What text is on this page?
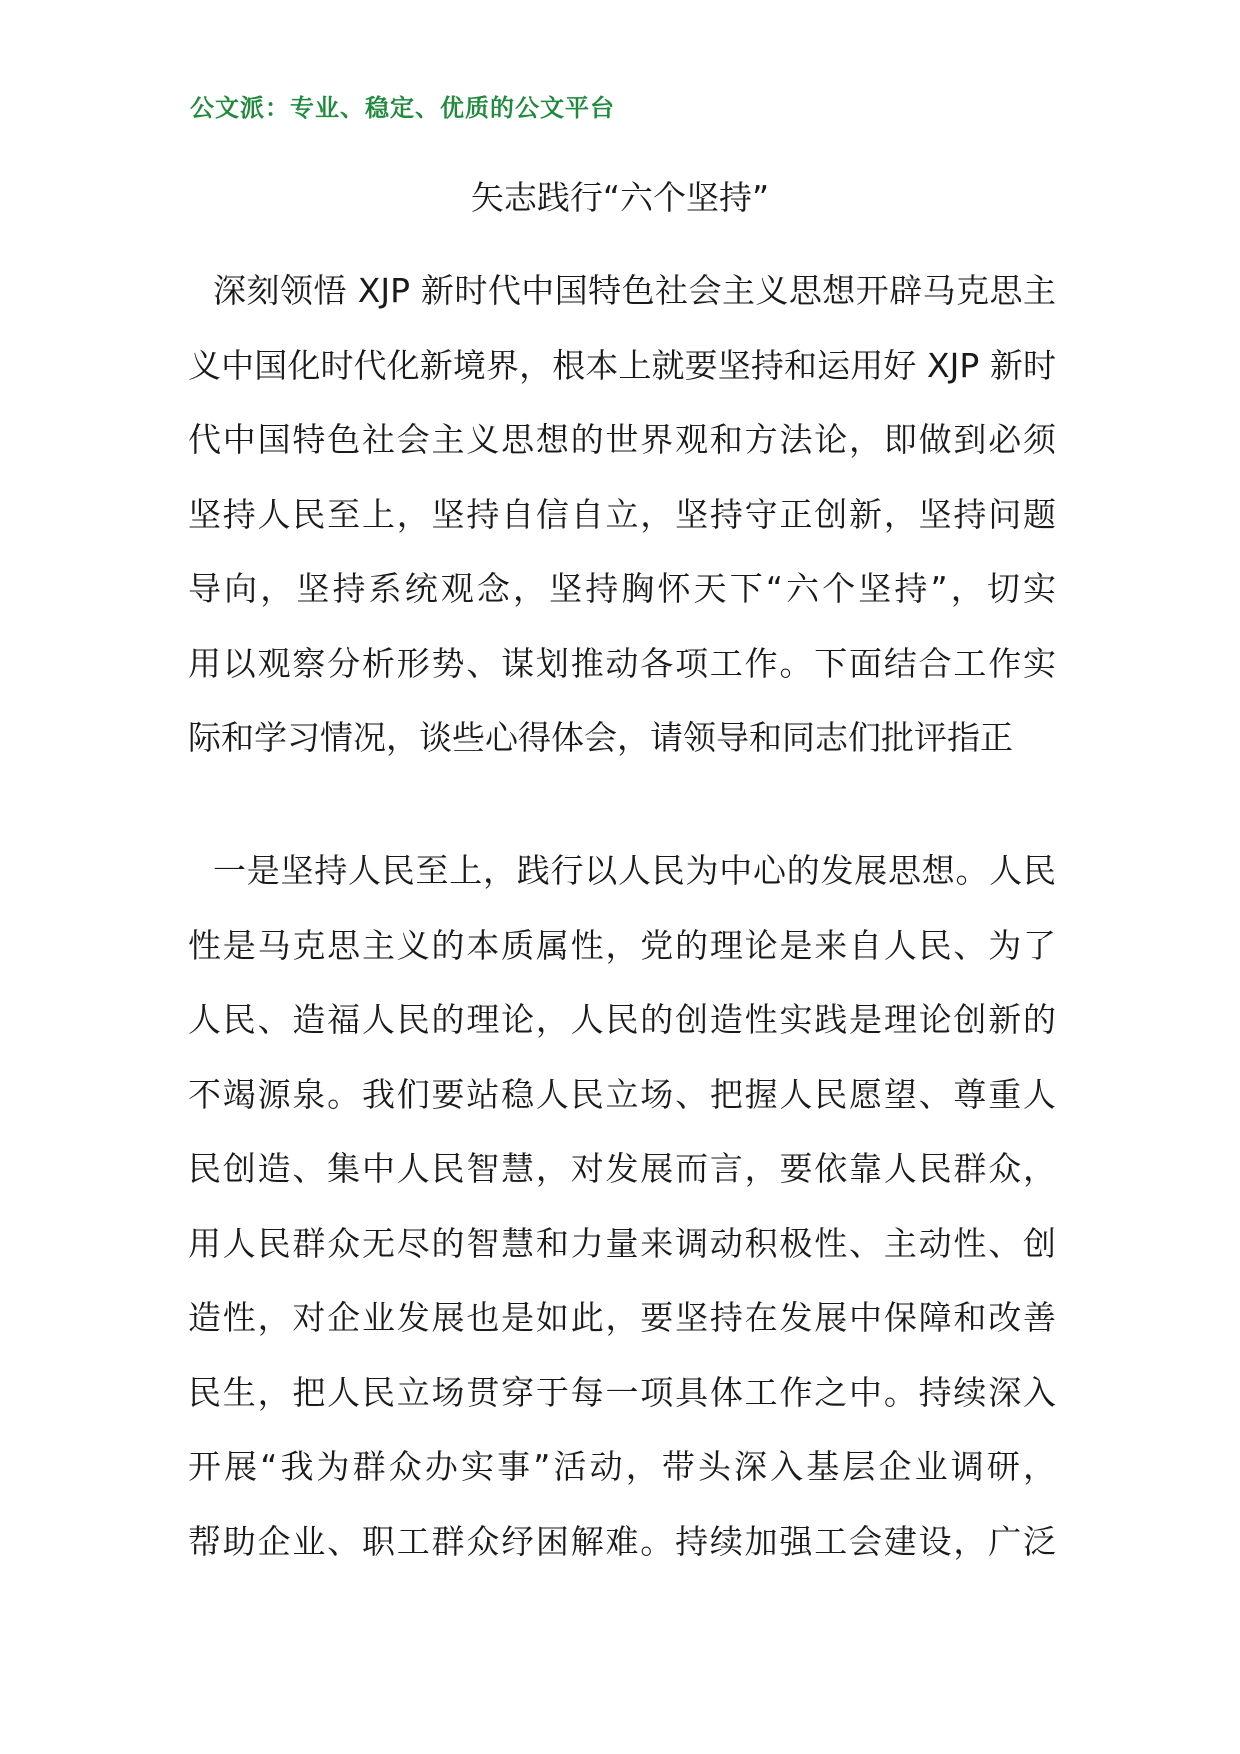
公文派：专业、稳定、优质的公文平台
矢志践行“六个坚持”

深刻领悟 XJP 新时代中国特色社会主义思想开辟马克思主
义中国化时代化新境界，根本上就要坚持和运用好 XJP 新时
代中国特色社会主义思想的世界观和方法论，即做到必须
坚持人民至上，坚持自信自立，坚持守正创新，坚持问题
导向，坚持系统观念，坚持胸怀天下“六个坚持”，切实
用以观察分析形势、谋划推动各项工作。下面结合工作实
际和学习情况，谈些心得体会，请领导和同志们批评指正

一是坚持人民至上，践行以人民为中心的发展思想。人民
性是马克思主义的本质属性，党的理论是来自人民、为了
人民、造福人民的理论，人民的创造性实践是理论创新的
不竭源泉。我们要站稳人民立场、把握人民愿望、尊重人
民创造、集中人民智慧，对发展而言，要依靠人民群众，
用人民群众无尽的智慧和力量来调动积极性、主动性、创
造性，对企业发展也是如此，要坚持在发展中保障和改善
民生，把人民立场贯穿于每一项具体工作之中。持续深入
开展“我为群众办实事”活动，带头深入基层企业调研，
帮助企业、职工群众纾困解难。持续加强工会建设，广泛
